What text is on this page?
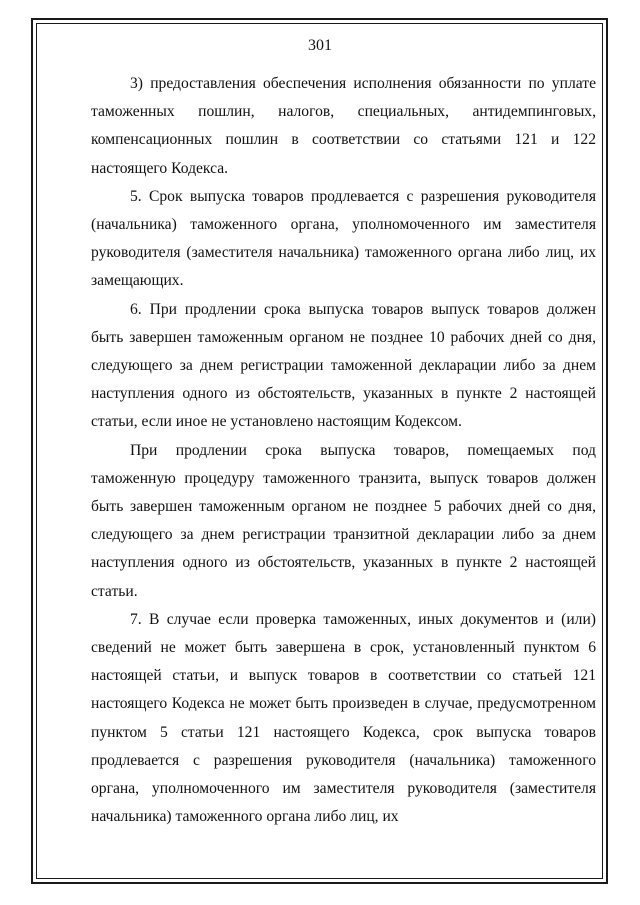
301

3) предоставления обеспечения исполнения обязанности по уплате таможенных пошлин, налогов, специальных, антидемпинговых, компенсационных пошлин в соответствии со статьями 121 и 122 настоящего Кодекса.

5. Срок выпуска товаров продлевается с разрешения руководителя (начальника) таможенного органа, уполномоченного им заместителя руководителя (заместителя начальника) таможенного органа либо лиц, их замещающих.

6. При продлении срока выпуска товаров выпуск товаров должен быть завершен таможенным органом не позднее 10 рабочих дней со дня, следующего за днем регистрации таможенной декларации либо за днем наступления одного из обстоятельств, указанных в пункте 2 настоящей статьи, если иное не установлено настоящим Кодексом.

При продлении срока выпуска товаров, помещаемых под таможенную процедуру таможенного транзита, выпуск товаров должен быть завершен таможенным органом не позднее 5 рабочих дней со дня, следующего за днем регистрации транзитной декларации либо за днем наступления одного из обстоятельств, указанных в пункте 2 настоящей статьи.

7. В случае если проверка таможенных, иных документов и (или) сведений не может быть завершена в срок, установленный пунктом 6 настоящей статьи, и выпуск товаров в соответствии со статьей 121 настоящего Кодекса не может быть произведен в случае, предусмотренном пунктом 5 статьи 121 настоящего Кодекса, срок выпуска товаров продлевается с разрешения руководителя (начальника) таможенного органа, уполномоченного им заместителя руководителя (заместителя начальника) таможенного органа либо лиц, их
